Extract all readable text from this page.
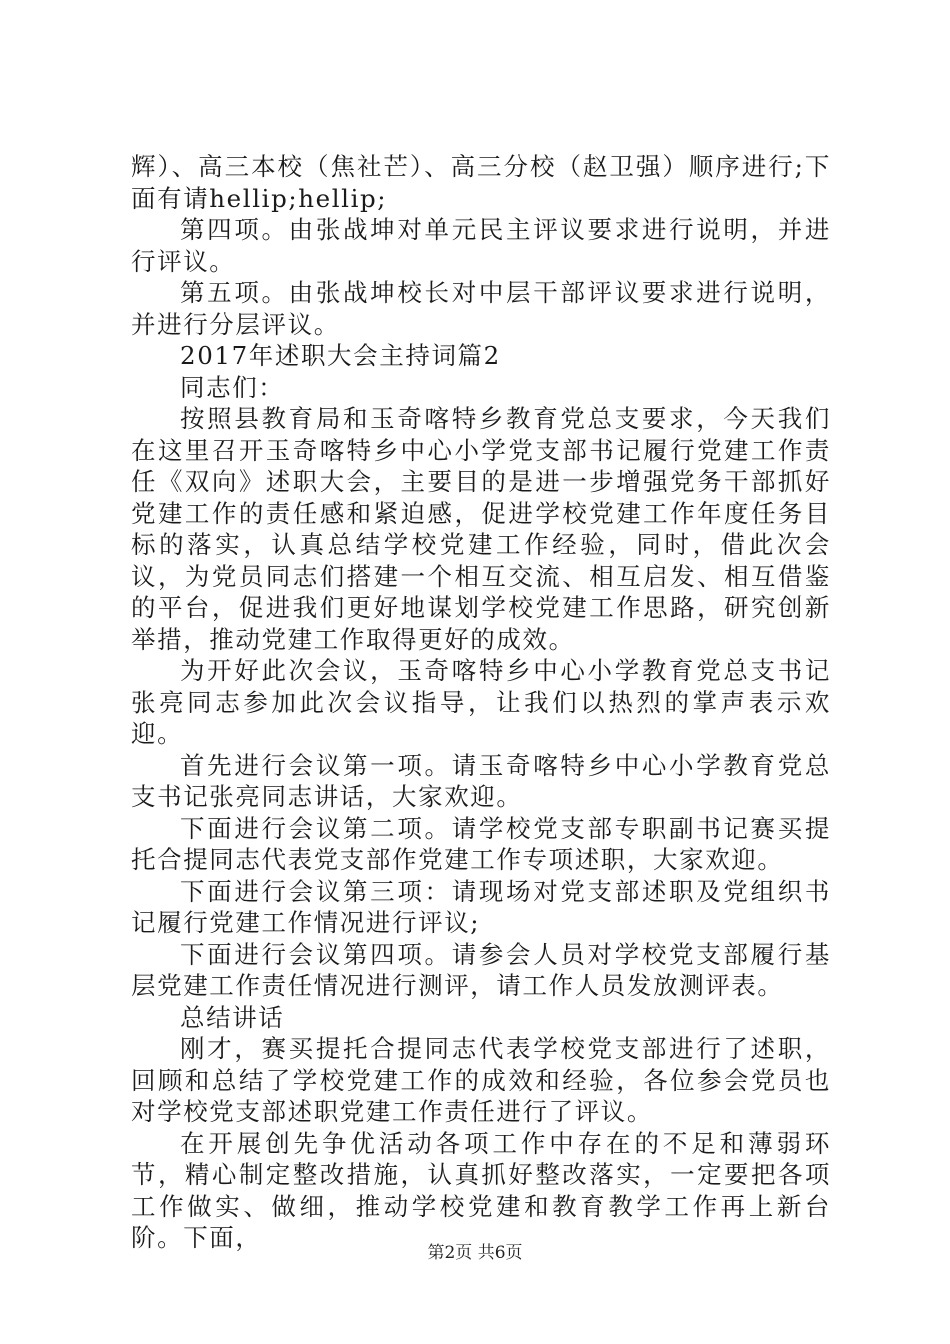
辉）、高三本校（焦社芒）、高三分校（赵卫强）顺序进行;下面有请hellip;hellip;

第四项。由张战坤对单元民主评议要求进行说明，并进行评议。

第五项。由张战坤校长对中层干部评议要求进行说明，并进行分层评议。

2017年述职大会主持词篇2

同志们：

按照县教育局和玉奇喀特乡教育党总支要求，今天我们在这里召开玉奇喀特乡中心小学党支部书记履行党建工作责任《双向》述职大会，主要目的是进一步增强党务干部抓好党建工作的责任感和紧迫感，促进学校党建工作年度任务目标的落实，认真总结学校党建工作经验，同时，借此次会议，为党员同志们搭建一个相互交流、相互启发、相互借鉴的平台，促进我们更好地谋划学校党建工作思路，研究创新举措，推动党建工作取得更好的成效。

为开好此次会议，玉奇喀特乡中心小学教育党总支书记张亮同志参加此次会议指导，让我们以热烈的掌声表示欢迎。

首先进行会议第一项。请玉奇喀特乡中心小学教育党总支书记张亮同志讲话，大家欢迎。

下面进行会议第二项。请学校党支部专职副书记赛买提托合提同志代表党支部作党建工作专项述职，大家欢迎。

下面进行会议第三项：请现场对党支部述职及党组织书记履行党建工作情况进行评议;

下面进行会议第四项。请参会人员对学校党支部履行基层党建工作责任情况进行测评，请工作人员发放测评表。

总结讲话

刚才，赛买提托合提同志代表学校党支部进行了述职，回顾和总结了学校党建工作的成效和经验，各位参会党员也对学校党支部述职党建工作责任进行了评议。

在开展创先争优活动各项工作中存在的不足和薄弱环节，精心制定整改措施，认真抓好整改落实，一定要把各项工作做实、做细，推动学校党建和教育教学工作再上新台阶。下面，

第2页 共6页
